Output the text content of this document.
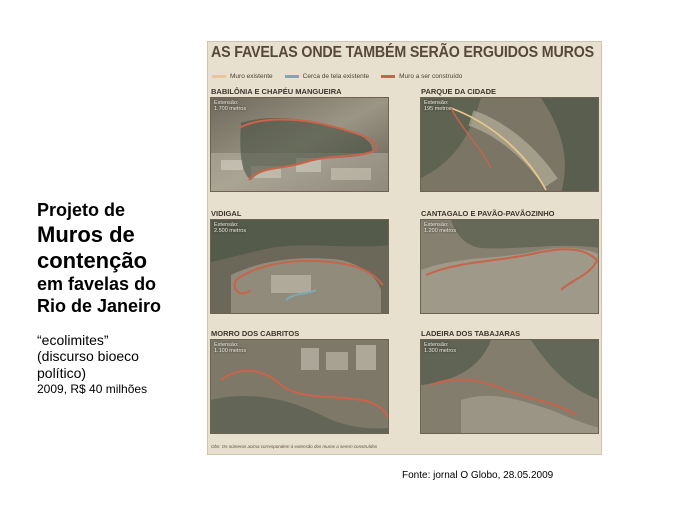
Projeto de
Muros de
contenção
em favelas do
Rio de Janeiro
“ecolimites”
(discurso bioeco
político)
2009, R$ 40 milhões
AS FAVELAS ONDE TAMBÉM SERÃO ERGUIDOS MUROS
Muro existente	Cerca de tela existente	Muro a ser construído
BABILÔNIA E CHAPÉU MANGUEIRA
Extensão:
1.700 metros
PARQUE DA CIDADE
Extensão:
195 metros
VIDIGAL
Extensão:
2.500 metros
CANTAGALO E PAVÃO-PAVÃOZINHO
Extensão:
1.200 metros
MORRO DOS CABRITOS
Extensão:
1.100 metros
LADEIRA DOS TABAJARAS
Extensão:
1.300 metros
Obs: Os números acima correspondem à extensão dos muros a serem construídos
Fonte: jornal O Globo, 28.05.2009
